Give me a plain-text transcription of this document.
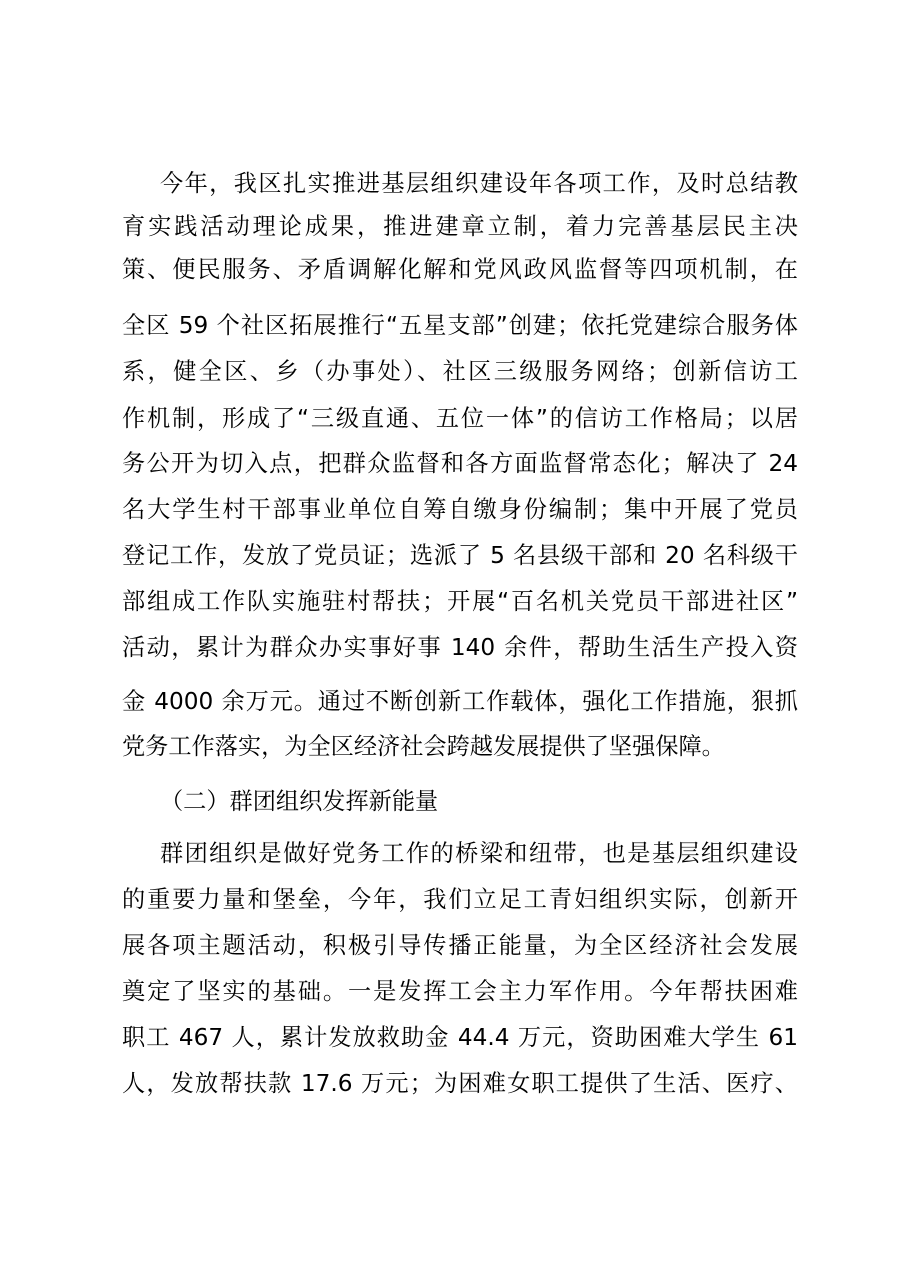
今年，我区扎实推进基层组织建设年各项工作，及时总结教
育实践活动理论成果，推进建章立制，着力完善基层民主决
策、便民服务、矛盾调解化解和党风政风监督等四项机制，在
全区 59 个社区拓展推行“五星支部”创建；依托党建综合服务体
系，健全区、乡（办事处）、社区三级服务网络；创新信访工
作机制，形成了“三级直通、五位一体”的信访工作格局；以居
务公开为切入点，把群众监督和各方面监督常态化；解决了 24
名大学生村干部事业单位自筹自缴身份编制；集中开展了党员
登记工作，发放了党员证；选派了 5 名县级干部和 20 名科级干
部组成工作队实施驻村帮扶；开展“百名机关党员干部进社区”
活动，累计为群众办实事好事 140 余件，帮助生活生产投入资
金 4000 余万元。通过不断创新工作载体，强化工作措施，狠抓
党务工作落实，为全区经济社会跨越发展提供了坚强保障。
（二）群团组织发挥新能量
群团组织是做好党务工作的桥梁和纽带，也是基层组织建设
的重要力量和堡垒，今年，我们立足工青妇组织实际，创新开
展各项主题活动，积极引导传播正能量，为全区经济社会发展
奠定了坚实的基础。一是发挥工会主力军作用。今年帮扶困难
职工 467 人，累计发放救助金 44.4 万元，资助困难大学生 61
人，发放帮扶款 17.6 万元；为困难女职工提供了生活、医疗、
